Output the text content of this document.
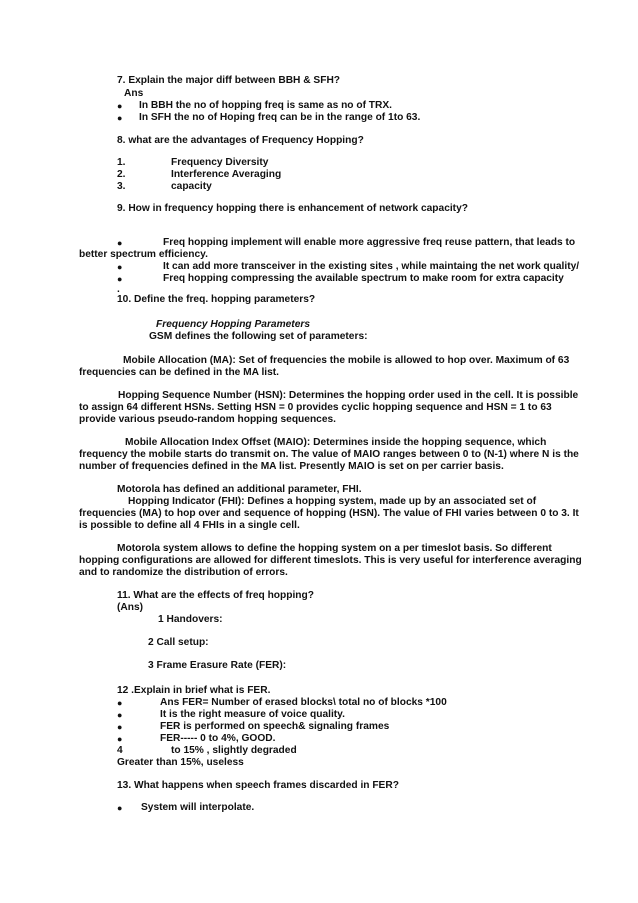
7. Explain the major diff between BBH & SFH?
Ans
● In BBH the no of hopping freq is same as no of TRX.
● In SFH the no of Hoping freq can be in the range of 1to 63.
8. what are the advantages of Frequency Hopping?
1.	Frequency Diversity
2.	Interference Averaging
3.	capacity
9. How in frequency hopping there is enhancement of network capacity?
●	Freq hopping implement will enable more aggressive freq reuse pattern, that leads to
better spectrum efficiency.
●	It can add more transceiver in the existing sites , while maintaing the net work quality/
●	Freq hopping compressing the available spectrum to make room for extra capacity
.
10. Define the freq. hopping parameters?
Frequency Hopping Parameters
GSM defines the following set of parameters:
Mobile Allocation (MA): Set of frequencies the mobile is allowed to hop over. Maximum of 63
frequencies can be defined in the MA list.
Hopping Sequence Number (HSN): Determines the hopping order used in the cell. It is possible
to assign 64 different HSNs. Setting HSN = 0 provides cyclic hopping sequence and HSN = 1 to 63
provide various pseudo-random hopping sequences.
Mobile Allocation Index Offset (MAIO): Determines inside the hopping sequence, which
frequency the mobile starts do transmit on. The value of MAIO ranges between 0 to (N-1) where N is the
number of frequencies defined in the MA list. Presently MAIO is set on per carrier basis.
Motorola has defined an additional parameter, FHI.
Hopping Indicator (FHI): Defines a hopping system, made up by an associated set of
frequencies (MA) to hop over and sequence of hopping (HSN). The value of FHI varies between 0 to 3. It
is possible to define all 4 FHIs in a single cell.
Motorola system allows to define the hopping system on a per timeslot basis. So different
hopping configurations are allowed for different timeslots. This is very useful for interference averaging
and to randomize the distribution of errors.
11. What are the effects of freq hopping?
(Ans)
1 Handovers:
2 Call setup:
3 Frame Erasure Rate (FER):
12 .Explain in brief what is FER.
●	Ans FER= Number of erased blocks\ total no of blocks *100
●	It is the right measure of voice quality.
●	FER is performed on speech& signaling frames
●	FER----- 0 to 4%, GOOD.
4	to 15% , slightly degraded
Greater than 15%, useless
13. What happens when speech frames discarded in FER?
● System will interpolate.
